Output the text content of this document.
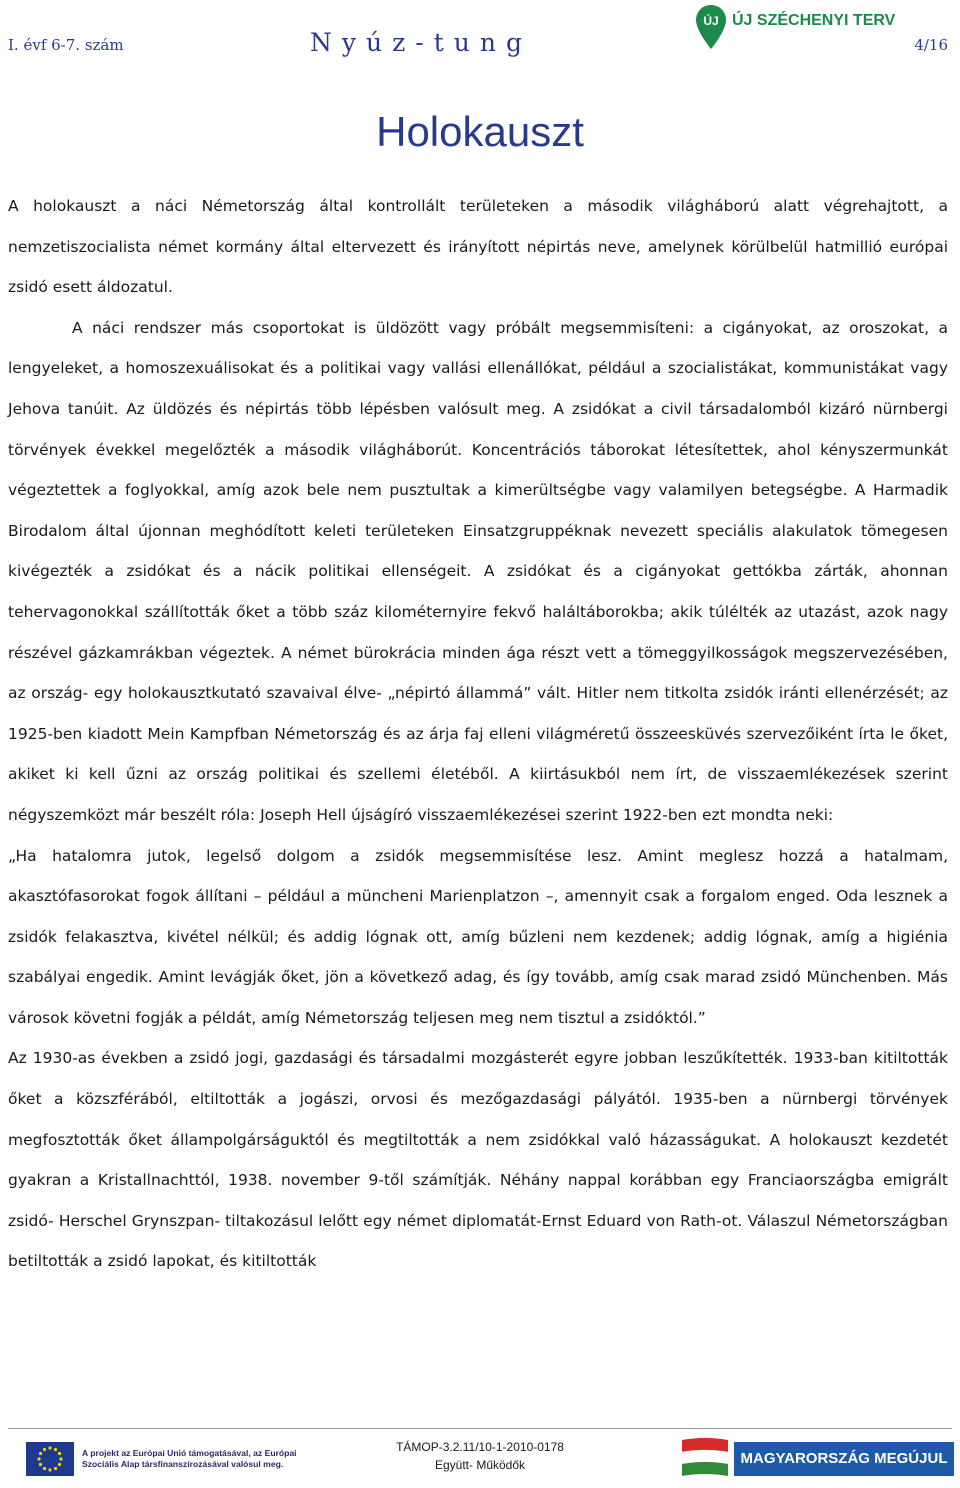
I. évf 6-7. szám	Nyúz-tung	4/16
ÚJ ÚJ SZÉCHENYI TERV
Holokauszt

A holokauszt a náci Németország által kontrollált területeken a második világháború alatt végrehajtott, a nemzetiszocialista német kormány által eltervezett és irányított népirtás neve, amelynek körülbelül hatmillió európai zsidó esett áldozatul.

A náci rendszer más csoportokat is üldözött vagy próbált megsemmisíteni: a cigányokat, az oroszokat, a lengyeleket, a homoszexuálisokat és a politikai vagy vallási ellenállókat, például a szocialistákat, kommunistákat vagy Jehova tanúit. Az üldözés és népirtás több lépésben valósult meg. A zsidókat a civil társadalomból kizáró nürnbergi törvények évekkel megelőzték a második világháborút. Koncentrációs táborokat létesítettek, ahol kényszermunkát végeztettek a foglyokkal, amíg azok bele nem pusztultak a kimerültségbe vagy valamilyen betegségbe. A Harmadik Birodalom által újonnan meghódított keleti területeken Einsatzgruppéknak nevezett speciális alakulatok tömegesen kivégezték a zsidókat és a nácik politikai ellenségeit. A zsidókat és a cigányokat gettókba zárták, ahonnan tehervagonokkal szállították őket a több száz kilométernyire fekvő haláltáborokba; akik túlélték az utazást, azok nagy részével gázkamrákban végeztek. A német bürokrácia minden ága részt vett a tömeggyilkosságok megszervezésében, az ország- egy holokausztkutató szavaival élve- „népirtó állammá” vált. Hitler nem titkolta zsidók iránti ellenérzését; az 1925-ben kiadott Mein Kampfban Németország és az árja faj elleni világméretű összeesküvés szervezőiként írta le őket, akiket ki kell űzni az ország politikai és szellemi életéből. A kiirtásukból nem írt, de visszaemlékezések szerint négyszemközt már beszélt róla: Joseph Hell újságíró visszaemlékezései szerint 1922-ben ezt mondta neki:

„Ha hatalomra jutok, legelső dolgom a zsidók megsemmisítése lesz. Amint meglesz hozzá a hatalmam, akasztófasorokat fogok állítani – például a müncheni Marienplatzon –, amennyit csak a forgalom enged. Oda lesznek a zsidók felakasztva, kivétel nélkül; és addig lógnak ott, amíg bűzleni nem kezdenek; addig lógnak, amíg a higiénia szabályai engedik. Amint levágják őket, jön a következő adag, és így tovább, amíg csak marad zsidó Münchenben. Más városok követni fogják a példát, amíg Németország teljesen meg nem tisztul a zsidóktól.”

Az 1930-as években a zsidó jogi, gazdasági és társadalmi mozgásterét egyre jobban leszűkítették. 1933-ban kitiltották őket a közszférából, eltiltották a jogászi, orvosi és mezőgazdasági pályától. 1935-ben a nürnbergi törvények megfosztották őket állampolgárságuktól és megtiltották a nem zsidókkal való házasságukat. A holokauszt kezdetét gyakran a Kristallnachttól, 1938. november 9-től számítják. Néhány nappal korábban egy Franciaországba emigrált zsidó- Herschel Grynszpan- tiltakozásul lelőtt egy német diplomatát-Ernst Eduard von Rath-ot. Válaszul Németországban betiltották a zsidó lapokat, és kitiltották

A projekt az Európai Unió támogatásával, az Európai
Szociális Alap társfinanszírozásával valósul meg.
TÁMOP-3.2.11/10-1-2010-0178
Együtt- Működők	MAGYARORSZÁG MEGÚJUL
